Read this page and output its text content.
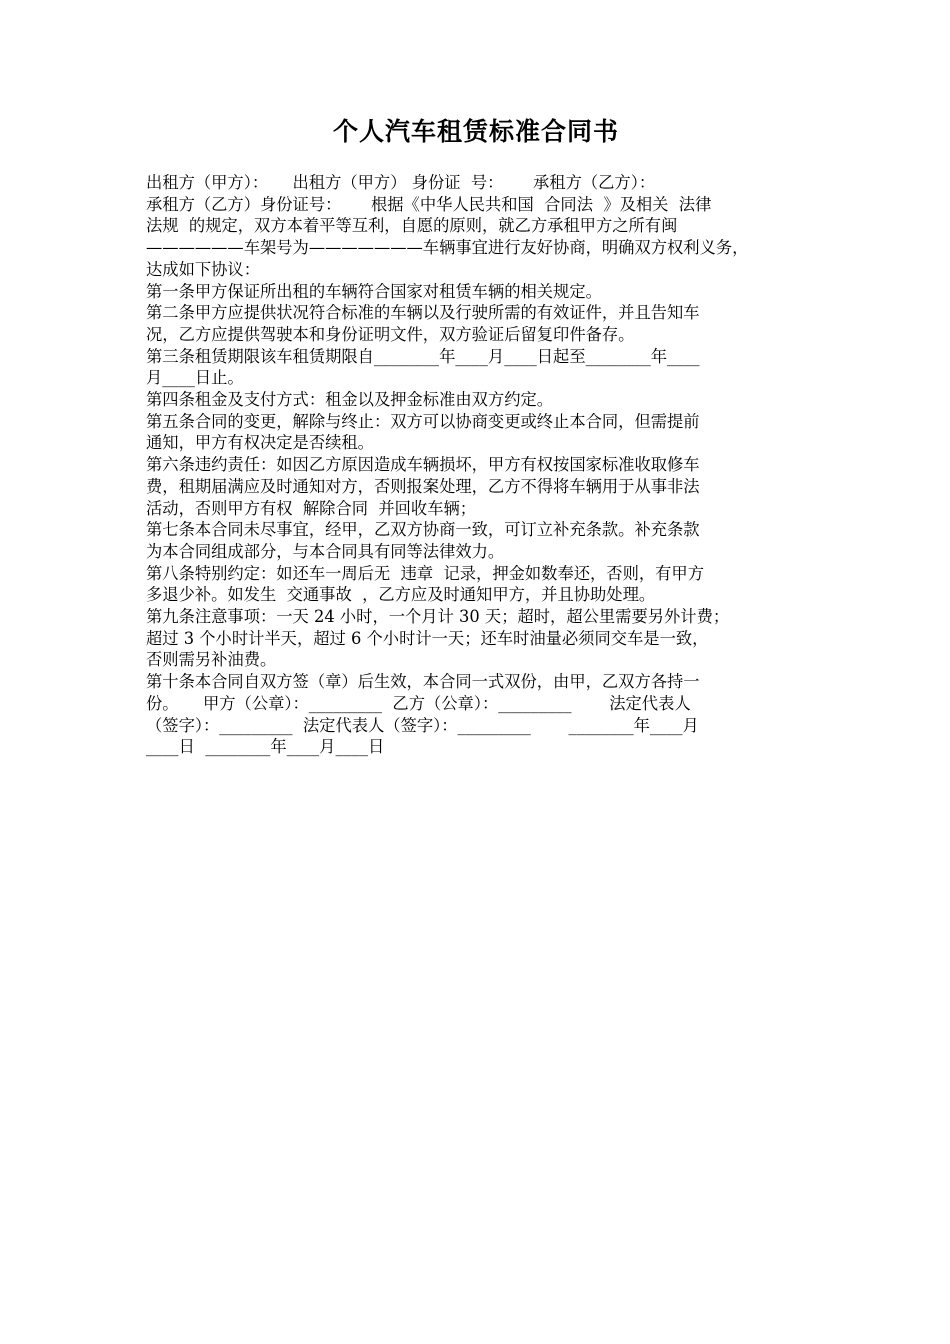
个人汽车租赁标准合同书

出租方（甲方）：　　出租方（甲方） 身份证  号：　　 承租方（乙方）：

承租方（乙方）身份证号：　　 根据《中华人民共和国  合同法  》及相关  法律

法规  的规定，双方本着平等互利，自愿的原则，就乙方承租甲方之所有闽

——————车架号为———————车辆事宜进行友好协商，明确双方权利义务，

达成如下协议：

第一条甲方保证所出租的车辆符合国家对租赁车辆的相关规定。

第二条甲方应提供状况符合标准的车辆以及行驶所需的有效证件，并且告知车

况，乙方应提供驾驶本和身份证明文件，双方验证后留复印件备存。

第三条租赁期限该车租赁期限自________年____月____日起至________年____

月____日止。

第四条租金及支付方式：租金以及押金标准由双方约定。

第五条合同的变更，解除与终止：双方可以协商变更或终止本合同，但需提前

通知，甲方有权决定是否续租。

第六条违约责任：如因乙方原因造成车辆损坏，甲方有权按国家标准收取修车

费，租期届满应及时通知对方，否则报案处理，乙方不得将车辆用于从事非法

活动，否则甲方有权  解除合同  并回收车辆；

第七条本合同未尽事宜，经甲，乙双方协商一致，可订立补充条款。补充条款

为本合同组成部分，与本合同具有同等法律效力。

第八条特别约定：如还车一周后无  违章  记录，押金如数奉还，否则，有甲方

多退少补。如发生  交通事故  ，乙方应及时通知甲方，并且协助处理。

第九条注意事项：一天 24 小时，一个月计 30 天；超时，超公里需要另外计费；

超过 3 个小时计半天，超过 6 个小时计一天；还车时油量必须同交车是一致，

否则需另补油费。

第十条本合同自双方签（章）后生效，本合同一式双份，由甲，乙双方各持一

份。　　甲方（公章）：_________  乙方（公章）：_________　　 法定代表人

（签字）：_________  法定代表人（签字）：_________　　 ________年____月

____日  ________年____月____日
